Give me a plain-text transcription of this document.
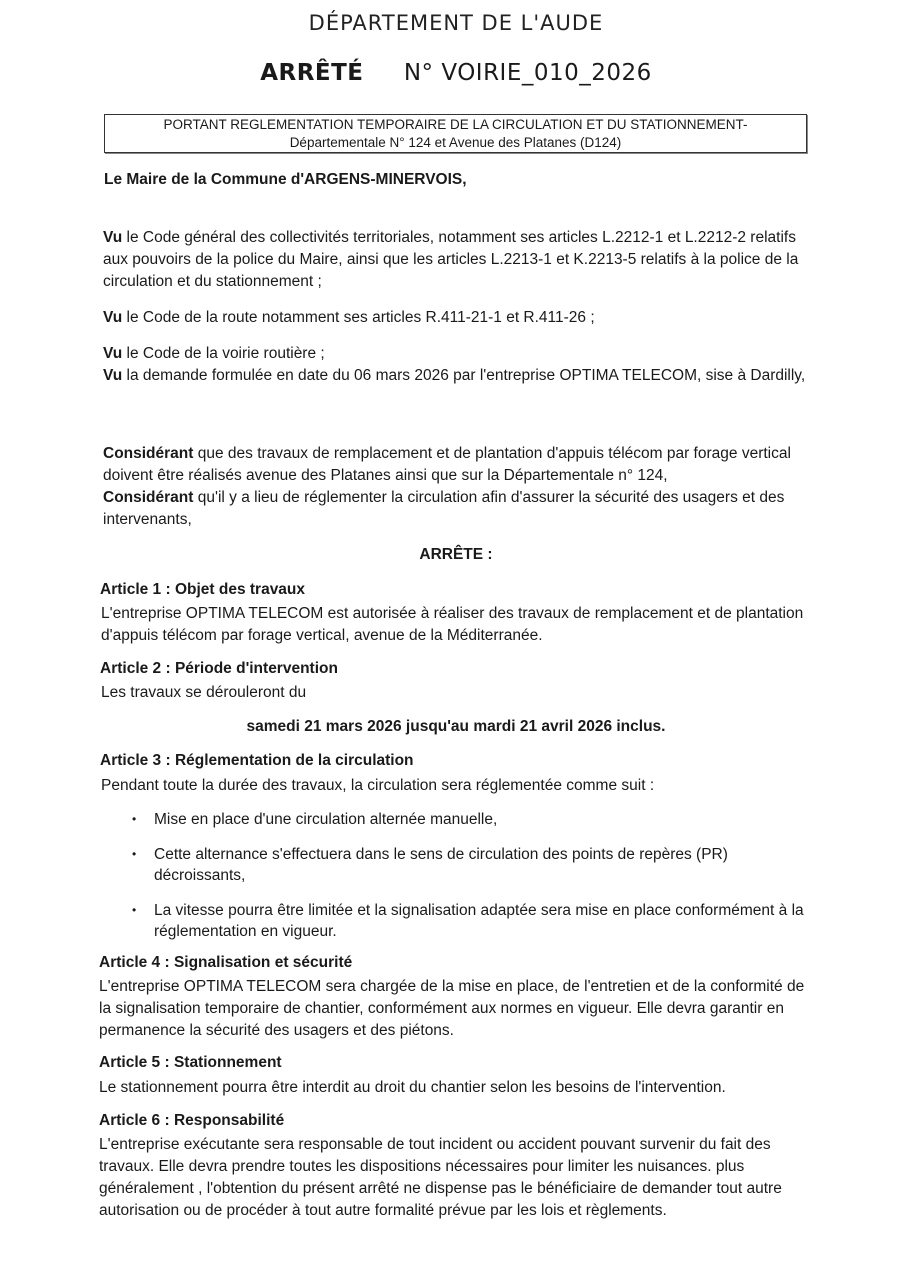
DÉPARTEMENT DE L'AUDE
ARRÊTÉ N° VOIRIE_010_2026
PORTANT REGLEMENTATION TEMPORAIRE DE LA CIRCULATION ET DU STATIONNEMENT-
Départementale N° 124 et Avenue des Platanes (D124)
Le Maire de la Commune d'ARGENS-MINERVOIS,
Vu le Code général des collectivités territoriales, notamment ses articles L.2212-1 et L.2212-2 relatifs aux pouvoirs de la police du Maire, ainsi que les articles L.2213-1 et K.2213-5 relatifs à la police de la circulation et du stationnement ;
Vu le Code de la route notamment ses articles R.411-21-1 et R.411-26 ;
Vu le Code de la voirie routière ;
Vu la demande formulée en date du 06 mars 2026 par l'entreprise OPTIMA TELECOM, sise à Dardilly,
Considérant que des travaux de remplacement et de plantation d'appuis télécom par forage vertical doivent être réalisés avenue des Platanes ainsi que sur la Départementale n° 124,
Considérant qu'il y a lieu de réglementer la circulation afin d'assurer la sécurité des usagers et des intervenants,
ARRÊTE :
Article 1 : Objet des travaux
L'entreprise OPTIMA TELECOM est autorisée à réaliser des travaux de remplacement et de plantation d'appuis télécom par forage vertical, avenue de la Méditerranée.
Article 2 : Période d'intervention
Les travaux se dérouleront du
samedi 21 mars 2026 jusqu'au mardi 21 avril 2026 inclus.
Article 3 : Réglementation de la circulation
Pendant toute la durée des travaux, la circulation sera réglementée comme suit :
• Mise en place d'une circulation alternée manuelle,
• Cette alternance s'effectuera dans le sens de circulation des points de repères (PR) décroissants,
• La vitesse pourra être limitée et la signalisation adaptée sera mise en place conformément à la réglementation en vigueur.
Article 4 : Signalisation et sécurité
L'entreprise OPTIMA TELECOM sera chargée de la mise en place, de l'entretien et de la conformité de la signalisation temporaire de chantier, conformément aux normes en vigueur. Elle devra garantir en permanence la sécurité des usagers et des piétons.
Article 5 : Stationnement
Le stationnement pourra être interdit au droit du chantier selon les besoins de l'intervention.
Article 6 : Responsabilité
L'entreprise exécutante sera responsable de tout incident ou accident pouvant survenir du fait des travaux. Elle devra prendre toutes les dispositions nécessaires pour limiter les nuisances. plus généralement , l'obtention du présent arrêté ne dispense pas le bénéficiaire de demander tout autre autorisation ou de procéder à tout autre formalité prévue par les lois et règlements.
